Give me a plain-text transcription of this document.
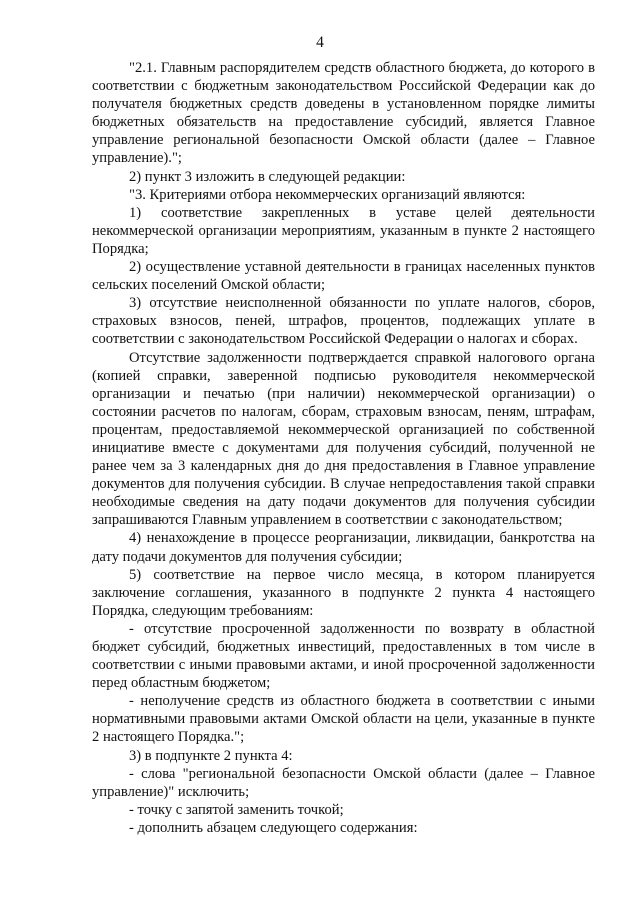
4

"2.1. Главным распорядителем средств областного бюджета, до которого в соответствии с бюджетным законодательством Российской Федерации как до получателя бюджетных средств доведены в установленном порядке лимиты бюджетных обязательств на предоставление субсидий, является Главное управление региональной безопасности Омской области (далее – Главное управление).";

2) пункт 3 изложить в следующей редакции:

"3. Критериями отбора некоммерческих организаций являются:

1) соответствие закрепленных в уставе целей деятельности некоммерческой организации мероприятиям, указанным в пункте 2 настоящего Порядка;

2) осуществление уставной деятельности в границах населенных пунктов сельских поселений Омской области;

3) отсутствие неисполненной обязанности по уплате налогов, сборов, страховых взносов, пеней, штрафов, процентов, подлежащих уплате в соответствии с законодательством Российской Федерации о налогах и сборах.

Отсутствие задолженности подтверждается справкой налогового органа (копией справки, заверенной подписью руководителя некоммерческой организации и печатью (при наличии) некоммерческой организации) о состоянии расчетов по налогам, сборам, страховым взносам, пеням, штрафам, процентам, предоставляемой некоммерческой организацией по собственной инициативе вместе с документами для получения субсидий, полученной не ранее чем за 3 календарных дня до дня предоставления в Главное управление документов для получения субсидии. В случае непредоставления такой справки необходимые сведения на дату подачи документов для получения субсидии запрашиваются Главным управлением в соответствии с законодательством;

4) ненахождение в процессе реорганизации, ликвидации, банкротства на дату подачи документов для получения субсидии;

5) соответствие на первое число месяца, в котором планируется заключение соглашения, указанного в подпункте 2 пункта 4 настоящего Порядка, следующим требованиям:

- отсутствие просроченной задолженности по возврату в областной бюджет субсидий, бюджетных инвестиций, предоставленных в том числе в соответствии с иными правовыми актами, и иной просроченной задолженности перед областным бюджетом;

- неполучение средств из областного бюджета в соответствии с иными нормативными правовыми актами Омской области на цели, указанные в пункте 2 настоящего Порядка.";

3) в подпункте 2 пункта 4:

- слова "региональной безопасности Омской области (далее – Главное управление)" исключить;

- точку с запятой заменить точкой;

- дополнить абзацем следующего содержания:
